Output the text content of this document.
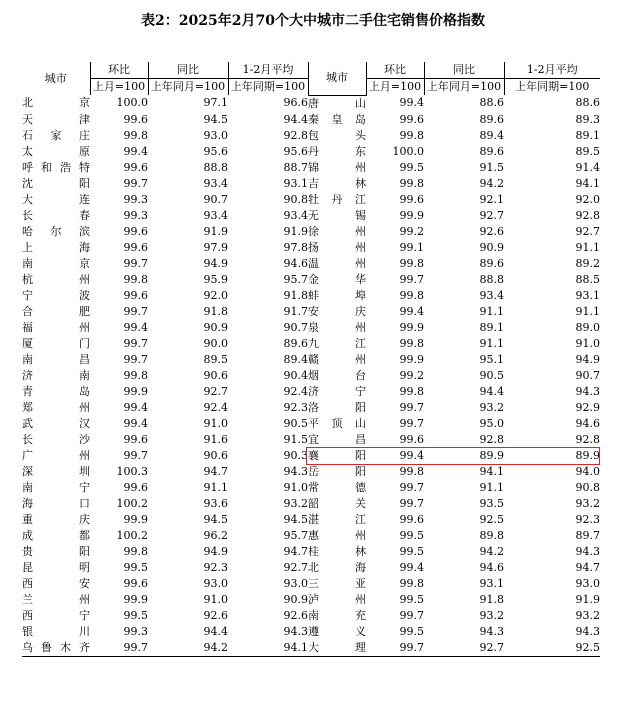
表2：2025年2月70个大中城市二手住宅销售价格指数
城市	环比	同比	1-2月平均	城市	环比	同比	1-2月平均
	上月=100	上年同月=100	上年同期=100		上月=100	上年同月=100	上年同期=100
北京	100.0	97.1	96.6	唐山	99.4	88.6	88.6
天津	99.6	94.5	94.4	秦皇岛	99.6	89.6	89.3
石家庄	99.8	93.0	92.8	包头	99.8	89.4	89.1
太原	99.4	95.6	95.6	丹东	100.0	89.6	89.5
呼和浩特	99.6	88.8	88.7	锦州	99.5	91.5	91.4
沈阳	99.7	93.4	93.1	吉林	99.8	94.2	94.1
大连	99.3	90.7	90.8	牡丹江	99.6	92.1	92.0
长春	99.3	93.4	93.4	无锡	99.9	92.7	92.8
哈尔滨	99.6	91.9	91.9	徐州	99.2	92.6	92.7
上海	99.6	97.9	97.8	扬州	99.1	90.9	91.1
南京	99.7	94.9	94.6	温州	99.8	89.6	89.2
杭州	99.8	95.9	95.7	金华	99.7	88.8	88.5
宁波	99.6	92.0	91.8	蚌埠	99.8	93.4	93.1
合肥	99.7	91.8	91.7	安庆	99.4	91.1	91.1
福州	99.4	90.9	90.7	泉州	99.9	89.1	89.0
厦门	99.7	90.0	89.6	九江	99.8	91.1	91.0
南昌	99.7	89.5	89.4	赣州	99.9	95.1	94.9
济南	99.8	90.6	90.4	烟台	99.2	90.5	90.7
青岛	99.9	92.7	92.4	济宁	99.8	94.4	94.3
郑州	99.4	92.4	92.3	洛阳	99.7	93.2	92.9
武汉	99.4	91.0	90.5	平顶山	99.7	95.0	94.6
长沙	99.6	91.6	91.5	宜昌	99.6	92.8	92.8
广州	99.7	90.6	90.3	襄阳	99.4	89.9	89.9
深圳	100.3	94.7	94.3	岳阳	99.8	94.1	94.0
南宁	99.6	91.1	91.0	常德	99.7	91.1	90.8
海口	100.2	93.6	93.2	韶关	99.7	93.5	93.2
重庆	99.9	94.5	94.5	湛江	99.6	92.5	92.3
成都	100.2	96.2	95.7	惠州	99.5	89.8	89.7
贵阳	99.8	94.9	94.7	桂林	99.5	94.2	94.3
昆明	99.5	92.3	92.7	北海	99.4	94.6	94.7
西安	99.6	93.0	93.0	三亚	99.8	93.1	93.0
兰州	99.9	91.0	90.9	泸州	99.5	91.8	91.9
西宁	99.5	92.6	92.6	南充	99.7	93.2	93.2
银川	99.3	94.4	94.3	遵义	99.5	94.3	94.3
乌鲁木齐	99.7	94.2	94.1	大理	99.7	92.7	92.5
